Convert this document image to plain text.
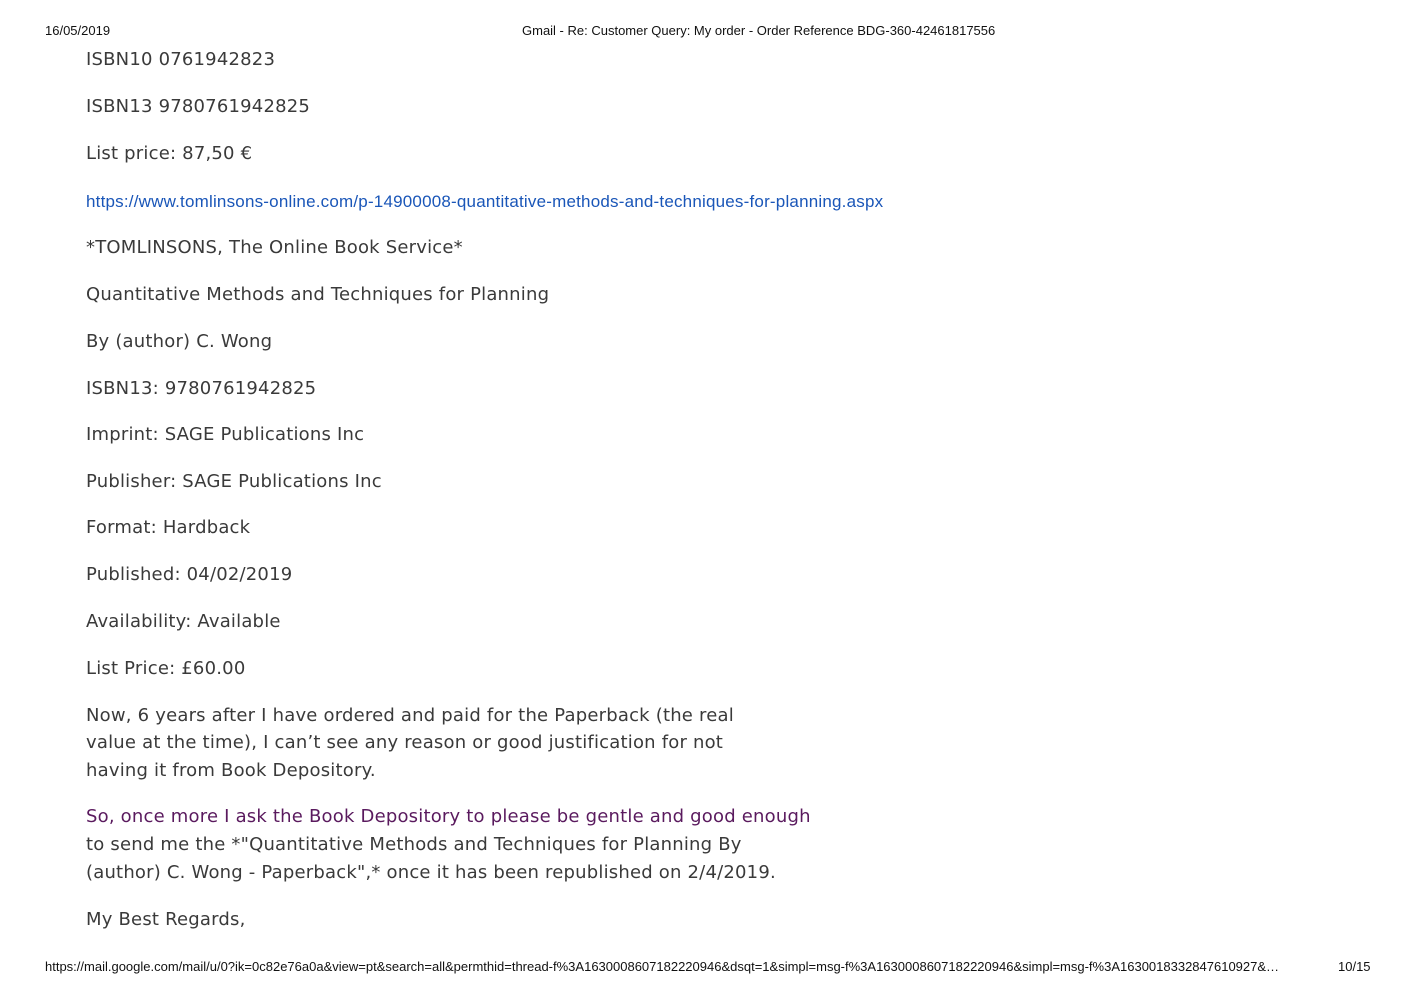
16/05/2019	Gmail - Re: Customer Query: My order - Order Reference BDG-360-42461817556
ISBN10 0761942823
ISBN13 9780761942825
List price: 87,50 €
https://www.tomlinsons-online.com/p-14900008-quantitative-methods-and-techniques-for-planning.aspx
*TOMLINSONS, The Online Book Service*
Quantitative Methods and Techniques for Planning
By (author) C. Wong
ISBN13: 9780761942825
Imprint: SAGE Publications Inc
Publisher: SAGE Publications Inc
Format: Hardback
Published: 04/02/2019
Availability: Available
List Price: £60.00
Now, 6 years after I have ordered and paid for the Paperback (the real
value at the time), I can’t see any reason or good justification for not
having it from Book Depository.
So, once more I ask the Book Depository to please be gentle and good enough
to send me the *"Quantitative Methods and Techniques for Planning By
(author) C. Wong - Paperback",* once it has been republished on 2/4/2019.
My Best Regards,
https://mail.google.com/mail/u/0?ik=0c82e76a0a&view=pt&search=all&permthid=thread-f%3A1630008607182220946&dsqt=1&simpl=msg-f%3A1630008607182220946&simpl=msg-f%3A1630018332847610927&…	10/15
